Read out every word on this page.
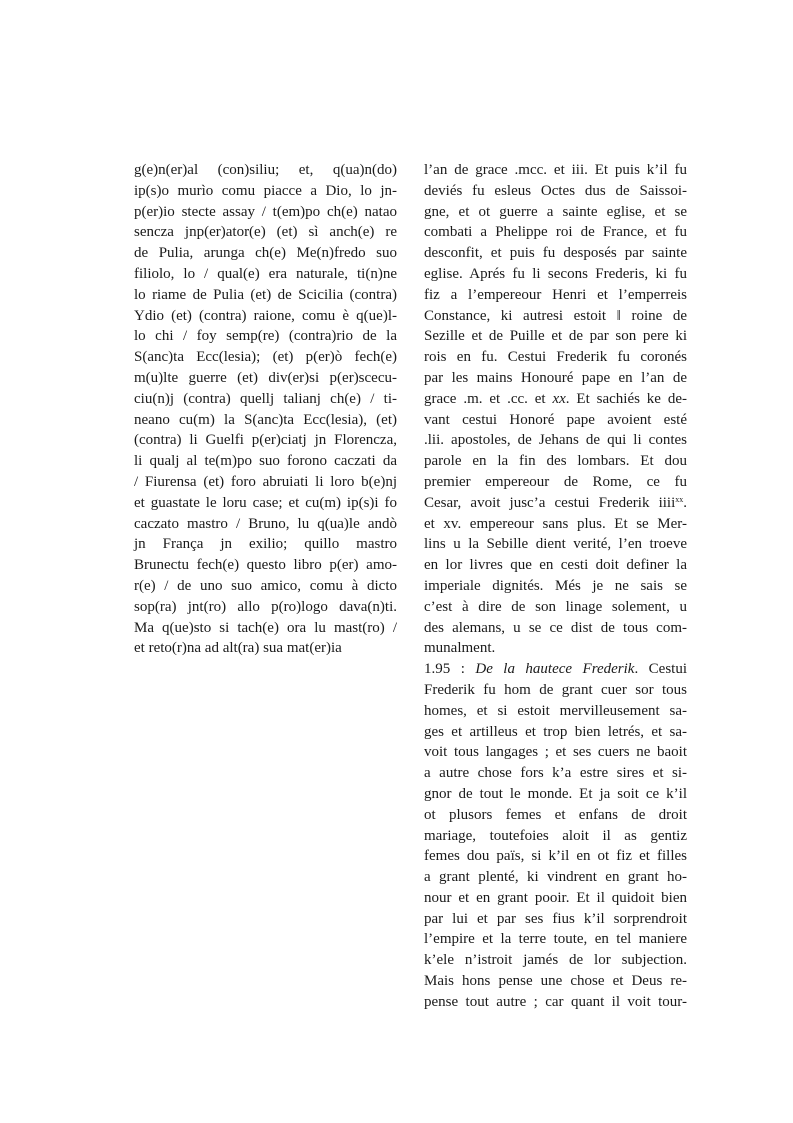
g(e)n(er)al (con)siliu; et, q(ua)n(do)
ip(s)o murìo comu piacce a Dio, lo jn-
p(er)io stecte assay / t(em)po ch(e) natao
sencza jnp(er)ator(e) (et) sì anch(e) re
de Pulia, arunga ch(e) Me(n)fredo suo
filiolo, lo / qual(e) era naturale, ti(n)ne
lo riame de Pulia (et) de Scicilia (contra)
Ydio (et) (contra) raione, comu è q(ue)l-
lo chi / foy semp(re) (contra)rio de la
S(anc)ta Ecc(lesia); (et) p(er)ò fech(e)
m(u)lte guerre (et) div(er)si p(er)scecu-
ciu(n)j (contra) quellj talianj ch(e) / ti-
neano cu(m) la S(anc)ta Ecc(lesia), (et)
(contra) li Guelfi p(er)ciatj jn Florencza,
li qualj al te(m)po suo forono caczati da
/ Fiurensa (et) foro abruiati li loro b(e)nj
et guastate le loru case; et cu(m) ip(s)i fo
caczato mastro / Bruno, lu q(ua)le andò
jn França jn exilio; quillo mastro
Brunectu fech(e) questo libro p(er) amo-
r(e) / de uno suo amico, comu à dicto
sop(ra) jnt(ro) allo p(ro)logo dava(n)ti.
Ma q(ue)sto si tach(e) ora lu mast(ro) /
et reto(r)na ad alt(ra) sua mat(er)ia
l’an de grace .mcc. et iii. Et puis k’il fu
deviés fu esleus Octes dus de Saissoi-
gne, et ot guerre a sainte eglise, et se
combati a Phelippe roi de France, et fu
desconfit, et puis fu desposés par sainte
eglise. Aprés fu li secons Frederis, ki fu
fiz a l’empereour Henri et l’emperreis
Constance, ki autresi estoit ‖ roine de
Sezille et de Puille et de par son pere ki
rois en fu. Cestui Frederik fu coronés
par les mains Honouré pape en l’an de
grace .m. et .cc. et xx. Et sachiés ke de-
vant cestui Honoré pape avoient esté
.lii. apostoles, de Jehans de qui li contes
parole en la fin des lombars. Et dou
premier empereour de Rome, ce fu
Cesar, avoit jusc’a cestui Frederik iiii$^{xx}$.
et xv. empereour sans plus. Et se Mer-
lins u la Sebille dient verité, l’en troeve
en lor livres que en cesti doit definer la
imperiale dignités. Més je ne sais se
c’est à dire de son linage solement, u
des alemans, u se ce dist de tous com-
munalment.
1.95 : De la hautece Frederik. Cestui
Frederik fu hom de grant cuer sor tous
homes, et si estoit mervilleusement sa-
ges et artilleus et trop bien letrés, et sa-
voit tous langages ; et ses cuers ne baoit
a autre chose fors k’a estre sires et si-
gnor de tout le monde. Et ja soit ce k’il
ot plusors femes et enfans de droit
mariage, toutefoies aloit il as gentiz
femes dou païs, si k’il en ot fiz et filles
a grant plenté, ki vindrent en grant ho-
nour et en grant pooir. Et il quidoit bien
par lui et par ses fius k’il sorprendroit
l’empire et la terre toute, en tel maniere
k’ele n’istroit jamés de lor subjection.
Mais hons pense une chose et Deus re-
pense tout autre ; car quant il voit tour-
